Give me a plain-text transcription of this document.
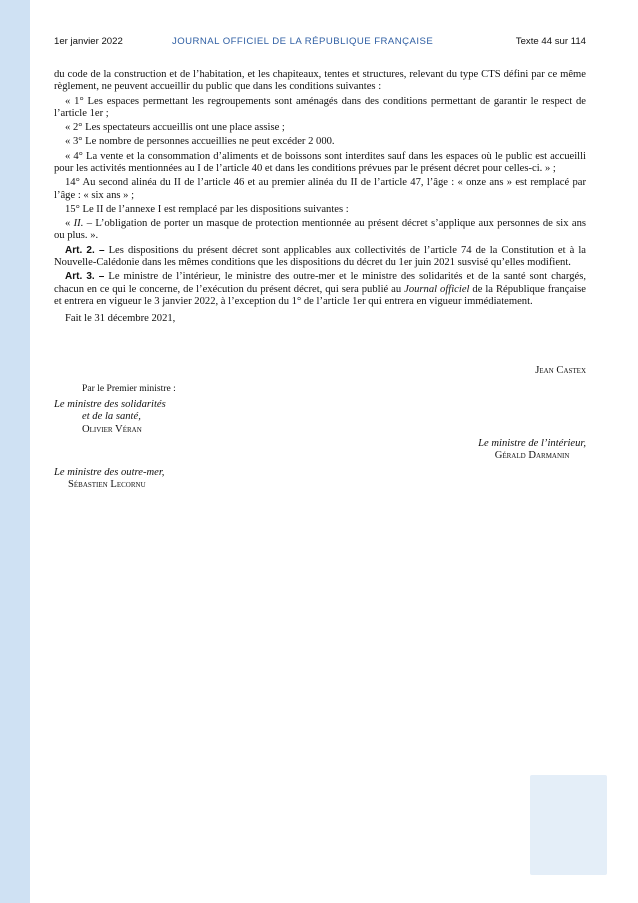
1er janvier 2022	JOURNAL OFFICIEL DE LA RÉPUBLIQUE FRANÇAISE	Texte 44 sur 114

du code de la construction et de l’habitation, et les chapiteaux, tentes et structures, relevant du type CTS défini par ce même règlement, ne peuvent accueillir du public que dans les conditions suivantes :

« 1° Les espaces permettant les regroupements sont aménagés dans des conditions permettant de garantir le respect de l’article 1er ;

« 2° Les spectateurs accueillis ont une place assise ;

« 3° Le nombre de personnes accueillies ne peut excéder 2 000.

« 4° La vente et la consommation d’aliments et de boissons sont interdites sauf dans les espaces où le public est accueilli pour les activités mentionnées au I de l’article 40 et dans les conditions prévues par le présent décret pour celles-ci. » ;

14° Au second alinéa du II de l’article 46 et au premier alinéa du II de l’article 47, l’âge : « onze ans » est remplacé par l’âge : « six ans » ;

15° Le II de l’annexe I est remplacé par les dispositions suivantes :

« II. – L’obligation de porter un masque de protection mentionnée au présent décret s’applique aux personnes de six ans ou plus. ».

Art. 2. – Les dispositions du présent décret sont applicables aux collectivités de l’article 74 de la Constitution et à la Nouvelle-Calédonie dans les mêmes conditions que les dispositions du décret du 1er juin 2021 susvisé qu’elles modifient.

Art. 3. – Le ministre de l’intérieur, le ministre des outre-mer et le ministre des solidarités et de la santé sont chargés, chacun en ce qui le concerne, de l’exécution du présent décret, qui sera publié au Journal officiel de la République française et entrera en vigueur le 3 janvier 2022, à l’exception du 1° de l’article 1er qui entrera en vigueur immédiatement.

Fait le 31 décembre 2021,

Jean Castex
Par le Premier ministre :
Le ministre des solidarités
et de la santé,
Olivier Véran
Le ministre de l’intérieur,
Gérald Darmanin
Le ministre des outre-mer,
Sébastien Lecornu
